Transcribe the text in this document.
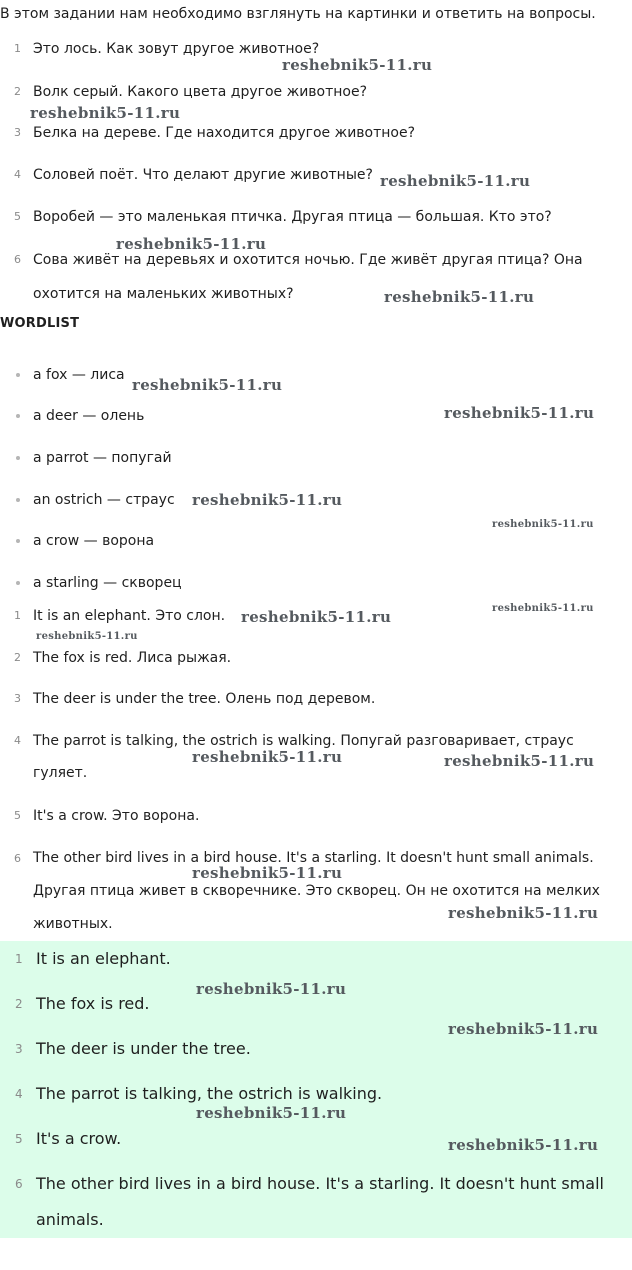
В этом задании нам необходимо взглянуть на картинки и ответить на вопросы.
1 Это лось. Как зовут другое животное?
2 Волк серый. Какого цвета другое животное?
3 Белка на дереве. Где находится другое животное?
4 Соловей поёт. Что делают другие животные?
5 Воробей — это маленькая птичка. Другая птица — большая. Кто это?
6 Сова живёт на деревьях и охотится ночью. Где живёт другая птица? Она охотится на маленьких животных?
WORDLIST
a fox — лиса
a deer — олень
a parrot — попугай
an ostrich — страус
a crow — ворона
a starling — скворец
1 It is an elephant. Это слон.
2 The fox is red. Лиса рыжая.
3 The deer is under the tree. Олень под деревом.
4 The parrot is talking, the ostrich is walking. Попугай разговаривает, страус гуляет.
5 It's a crow. Это ворона.
6 The other bird lives in a bird house. It's a starling. It doesn't hunt small animals. Другая птица живет в скворечнике. Это скворец. Он не охотится на мелких животных.
1 It is an elephant.
2 The fox is red.
3 The deer is under the tree.
4 The parrot is talking, the ostrich is walking.
5 It's a crow.
6 The other bird lives in a bird house. It's a starling. It doesn't hunt small animals.
reshebnik5-11.ru
reshebnik5-11.ru
reshebnik5-11.ru
reshebnik5-11.ru
reshebnik5-11.ru
reshebnik5-11.ru
reshebnik5-11.ru
reshebnik5-11.ru
reshebnik5-11.ru
reshebnik5-11.ru	reshebnik5-11.ru
reshebnik5-11.ru
reshebnik5-11.ru	reshebnik5-11.ru
reshebnik5-11.ru
reshebnik5-11.ru
reshebnik5-11.ru
reshebnik5-11.ru
reshebnik5-11.ru
reshebnik5-11.ru
